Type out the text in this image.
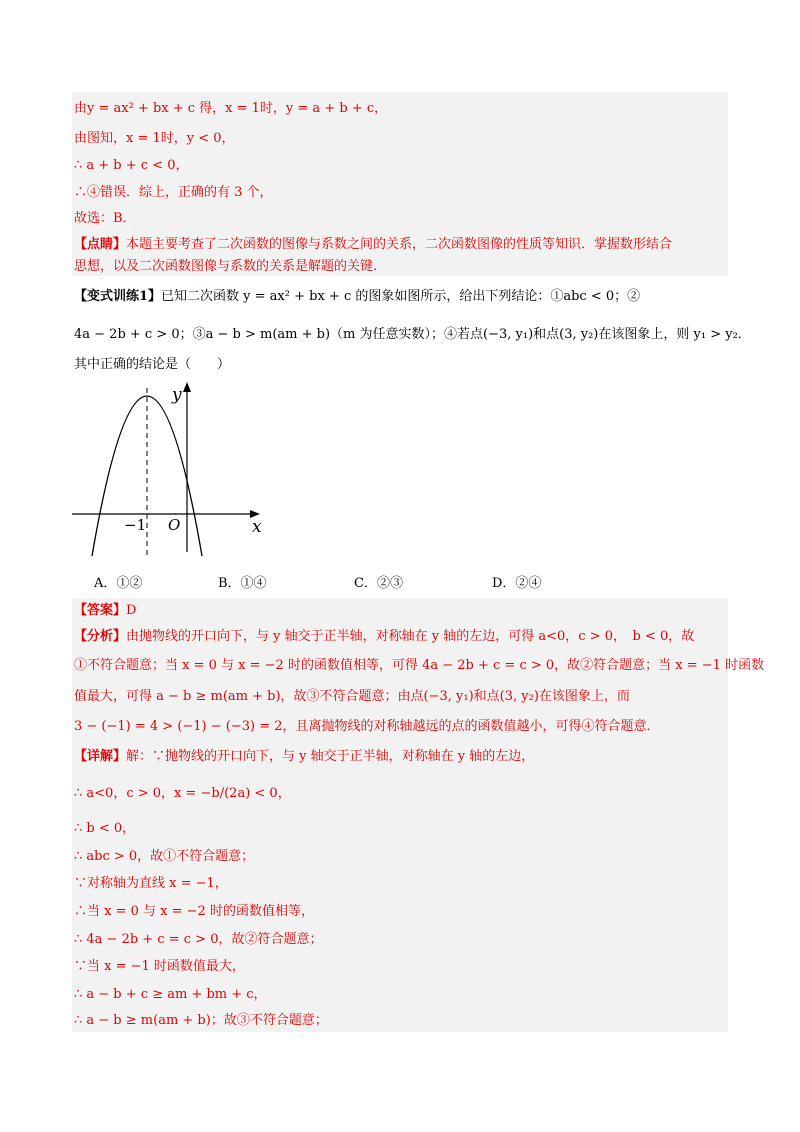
由y = ax² + bx + c 得，x = 1时，y = a + b + c，
由图知，x = 1时，y < 0，
∴ a + b + c < 0，
∴④错误．综上，正确的有 3 个，
故选：B．
【点睛】本题主要考查了二次函数的图像与系数之间的关系，二次函数图像的性质等知识．掌握数形结合
思想，以及二次函数图像与系数的关系是解题的关键．
【变式训练1】已知二次函数 y = ax² + bx + c 的图象如图所示，给出下列结论：①abc < 0；②
4a − 2b + c > 0；③a − b > m(am + b)（m 为任意实数）；④若点(−3, y₁)和点(3, y₂)在该图象上，则 y₁ > y₂．
其中正确的结论是（　　）
y
x
O
−1
A．①②	B．①④	C．②③	D．②④
【答案】D
【分析】由抛物线的开口向下，与 y 轴交于正半轴，对称轴在 y 轴的左边，可得 a<0，c > 0，　b < 0，故
①不符合题意；当 x = 0 与 x = −2 时的函数值相等，可得 4a − 2b + c = c > 0，故②符合题意；当 x = −1 时函数
值最大，可得 a − b ≥ m(am + b)，故③不符合题意；由点(−3, y₁)和点(3, y₂)在该图象上，而
3 − (−1) = 4 > (−1) − (−3) = 2，且离抛物线的对称轴越远的点的函数值越小，可得④符合题意．
【详解】解：∵抛物线的开口向下，与 y 轴交于正半轴，对称轴在 y 轴的左边，
∴ a<0，c > 0，x = −b/(2a) < 0，
∴ b < 0，
∴ abc > 0，故①不符合题意；
∵对称轴为直线 x = −1，
∴当 x = 0 与 x = −2 时的函数值相等，
∴ 4a − 2b + c = c > 0，故②符合题意；
∵当 x = −1 时函数值最大，
∴ a − b + c ≥ am + bm + c，
∴ a − b ≥ m(am + b)；故③不符合题意；
